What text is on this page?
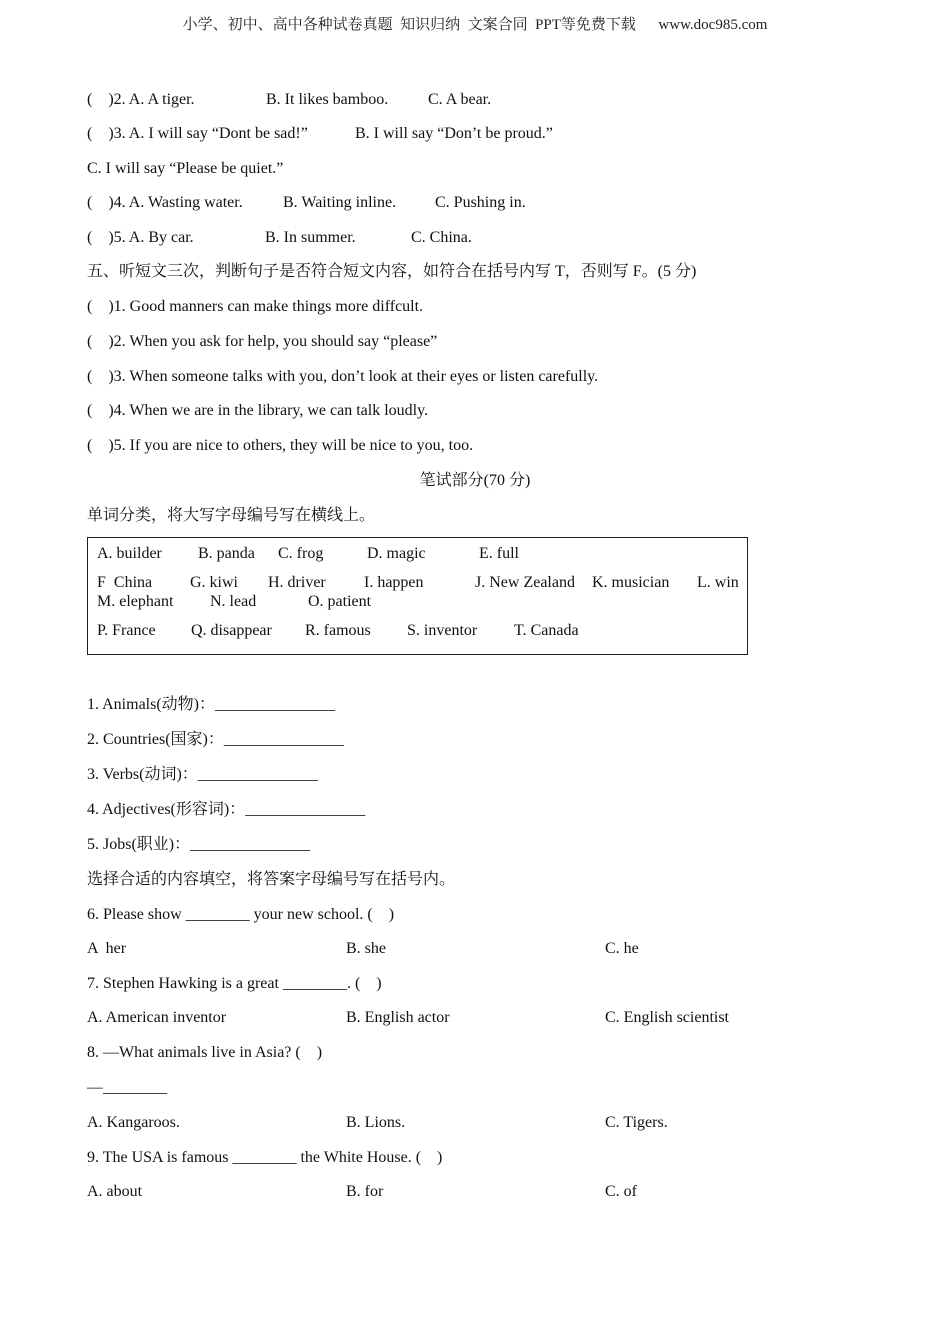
小学、初中、高中各种试卷真题  知识归纳  文案合同  PPT等免费下载      www.doc985.com
(    )2. A. A tiger.	B. It likes bamboo. C. A bear.
(    )3. A. I will say “Dont be sad!”	B. I will say “Don’t be proud.”
C. I will say “Please be quiet.”
(    )4. A. Wasting water.	B. Waiting inline. C. Pushing in.
(    )5. A. By car.	B. In summer.	C. China.
五、听短文三次，判断句子是否符合短文内容，如符合在括号内写 T，否则写 F。(5 分)
(    )1. Good manners can make things more diffcult.
(    )2. When you ask for help, you should say “please”
(    )3. When someone talks with you, don’t look at their eyes or listen carefully.
(    )4. When we are in the library, we can talk loudly.
(    )5. If you are nice to others, they will be nice to you, too.
笔试部分(70 分)
单词分类，将大写字母编号写在横线上。
A. builder B. panda C. frog	D. magic	E. full
F  China G. kiwi H. driver I. happen	J. New Zealand K. musician L. win
M. elephant N. lead	O. patient
P. France Q. disappear R. famous S. inventor T. Canada
1. Animals(动物)：_______________
2. Countries(国家)：_______________
3. Verbs(动词)：_______________
4. Adjectives(形容词)：_______________
5. Jobs(职业)：_______________
选择合适的内容填空，将答案字母编号写在括号内。
6. Please show ________ your new school. (    )
A  her	B. she	C. he
7. Stephen Hawking is a great ________. (    )
A. American inventor	B. English actor	C. English scientist
8. —What animals live in Asia? (    )
—________
A. Kangaroos.	B. Lions.	C. Tigers.
9. The USA is famous ________ the White House. (    )
A. about	B. for	C. of
